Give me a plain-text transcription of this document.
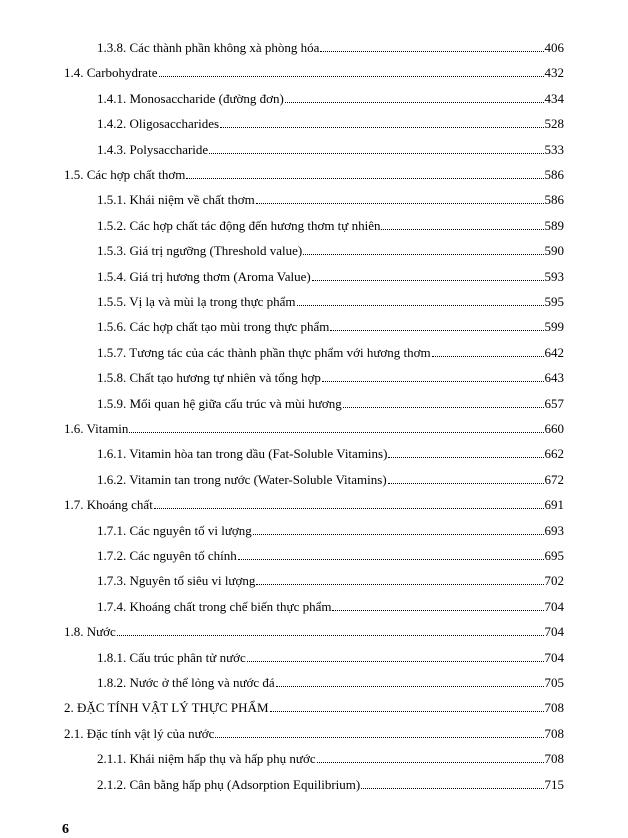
1.3.8. Các thành phần không xà phòng hóa	406
1.4. Carbohydrate	432
1.4.1. Monosaccharide (đường đơn)	434
1.4.2. Oligosaccharides	528
1.4.3. Polysaccharide	533
1.5. Các hợp chất thơm	586
1.5.1. Khái niệm về chất thơm	586
1.5.2. Các hợp chất tác động đến hương thơm tự nhiên	589
1.5.3. Giá trị ngưỡng (Threshold value)	590
1.5.4. Giá trị hương thơm (Aroma Value)	593
1.5.5. Vị lạ và mùi lạ trong thực phẩm	595
1.5.6. Các hợp chất tạo mùi trong thực phẩm	599
1.5.7. Tương tác của các thành phần thực phẩm với hương thơm	642
1.5.8. Chất tạo hương tự nhiên và tổng hợp	643
1.5.9. Mối quan hệ giữa cấu trúc và mùi hương	657
1.6. Vitamin	660
1.6.1. Vitamin hòa tan trong dầu (Fat-Soluble Vitamins)	662
1.6.2. Vitamin tan trong nước (Water-Soluble Vitamins)	672
1.7. Khoáng chất	691
1.7.1. Các nguyên tố vi lượng	693
1.7.2. Các nguyên tố chính	695
1.7.3. Nguyên tố siêu vi lượng	702
1.7.4. Khoáng chất trong chế biến thực phẩm	704
1.8. Nước	704
1.8.1. Cấu trúc phân tử nước	704
1.8.2. Nước ở thể lỏng và nước đá	705
2. ĐẶC TÍNH VẬT LÝ THỰC PHẨM	708
2.1. Đặc tính vật lý của nước	708
2.1.1. Khái niệm hấp thụ và hấp phụ nước	708
2.1.2. Cân bằng hấp phụ (Adsorption Equilibrium)	715
6
